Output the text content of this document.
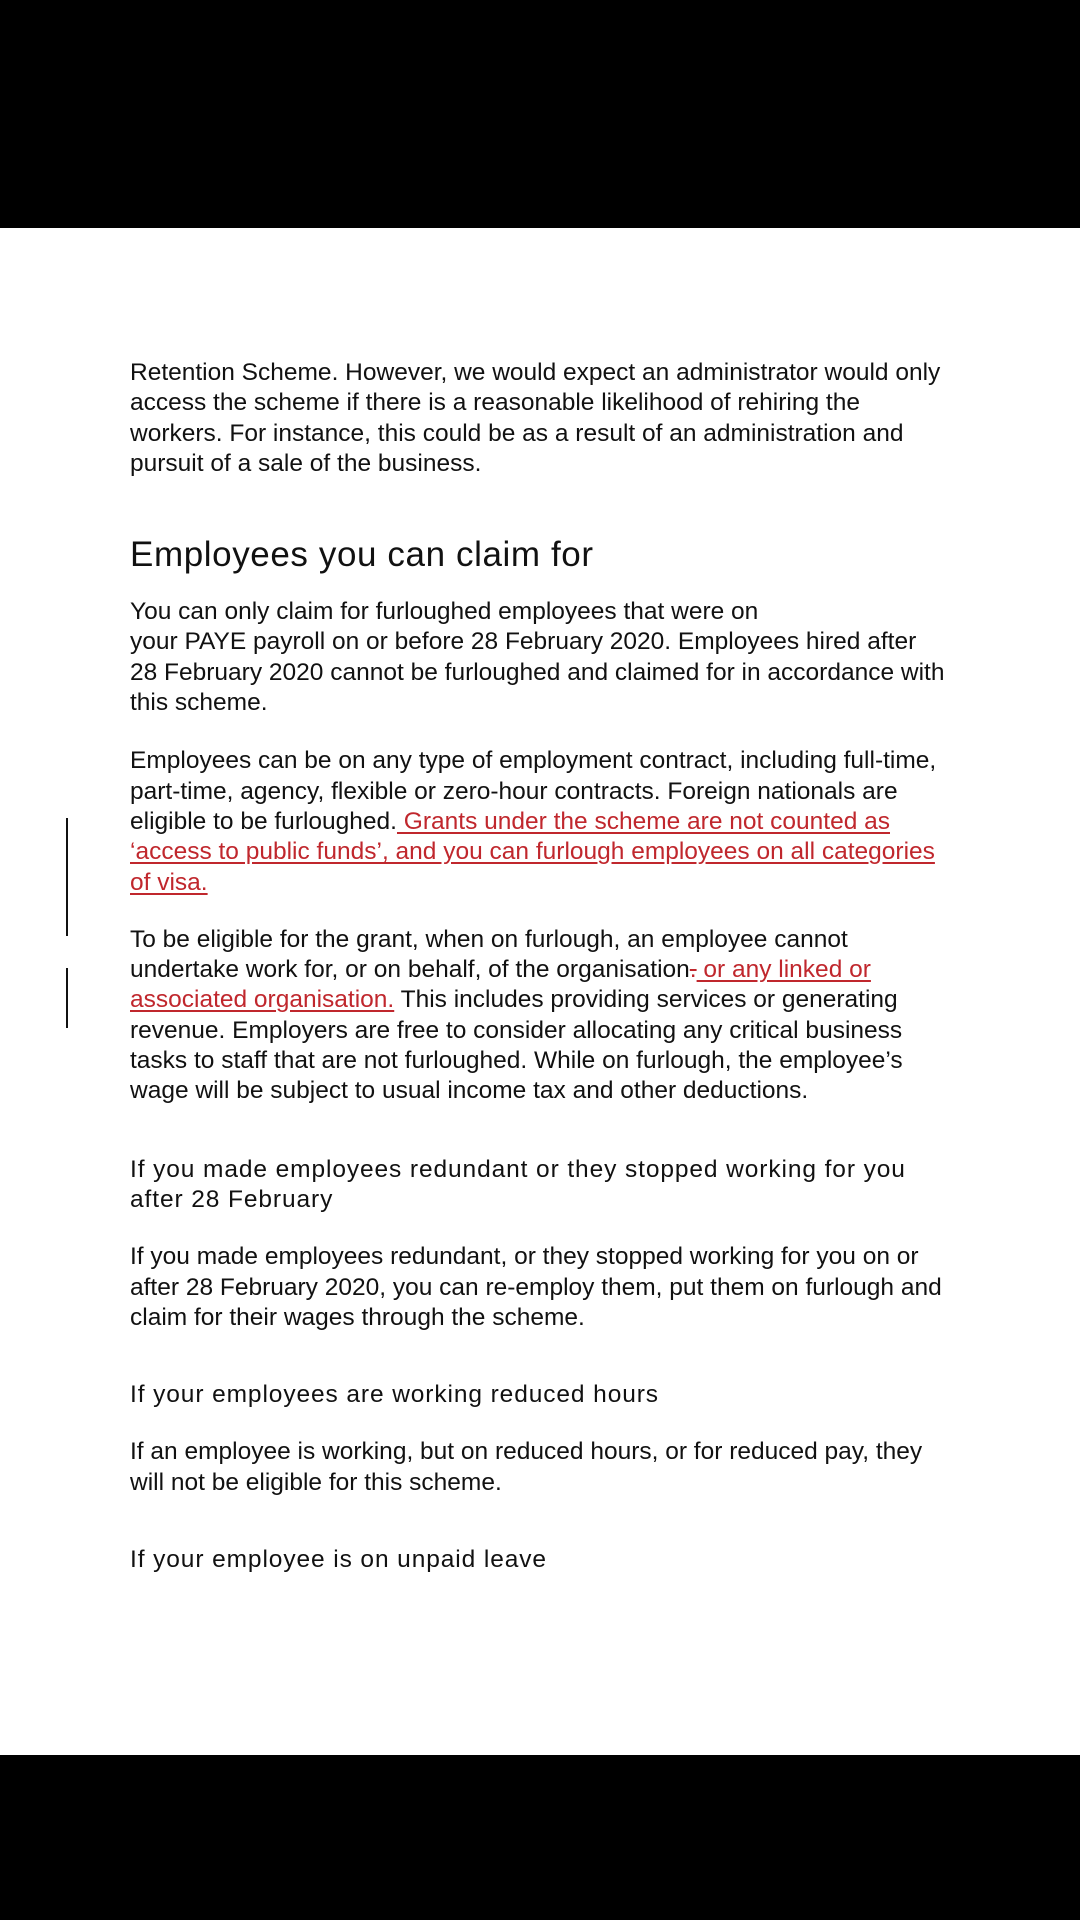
Retention Scheme. However, we would expect an administrator would only access the scheme if there is a reasonable likelihood of rehiring the workers. For instance, this could be as a result of an administration and pursuit of a sale of the business.

Employees you can claim for

You can only claim for furloughed employees that were on
your PAYE payroll on or before 28 February 2020. Employees hired after 28 February 2020 cannot be furloughed and claimed for in accordance with this scheme.

Employees can be on any type of employment contract, including full-time, part-time, agency, flexible or zero-hour contracts. Foreign nationals are eligible to be furloughed. Grants under the scheme are not counted as ‘access to public funds’, and you can furlough employees on all categories of visa.

To be eligible for the grant, when on furlough, an employee cannot undertake work for, or on behalf, of the organisation. or any linked or associated organisation. This includes providing services or generating revenue. Employers are free to consider allocating any critical business tasks to staff that are not furloughed. While on furlough, the employee’s wage will be subject to usual income tax and other deductions.

If you made employees redundant or they stopped working for you after 28 February

If you made employees redundant, or they stopped working for you on or after 28 February 2020, you can re-employ them, put them on furlough and claim for their wages through the scheme.

If your employees are working reduced hours

If an employee is working, but on reduced hours, or for reduced pay, they will not be eligible for this scheme.

If your employee is on unpaid leave
